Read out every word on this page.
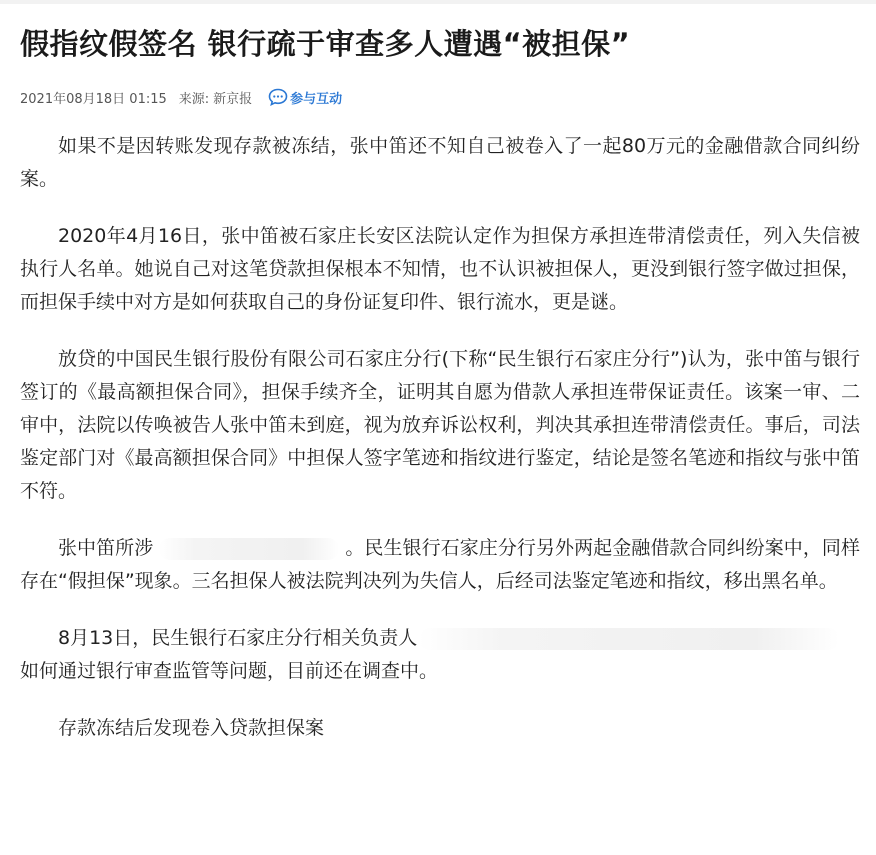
假指纹假签名 银行疏于审查多人遭遇“被担保”
2021年08月18日 01:15 来源: 新京报	参与互动

如果不是因转账发现存款被冻结，张中笛还不知自己被卷入了一起80万元的金融借款合同纠纷案。

2020年4月16日，张中笛被石家庄长安区法院认定作为担保方承担连带清偿责任，列入失信被执行人名单。她说自己对这笔贷款担保根本不知情，也不认识被担保人，更没到银行签字做过担保，而担保手续中对方是如何获取自己的身份证复印件、银行流水，更是谜。

放贷的中国民生银行股份有限公司石家庄分行(下称“民生银行石家庄分行”)认为，张中笛与银行签订的《最高额担保合同》，担保手续齐全，证明其自愿为借款人承担连带保证责任。该案一审、二审中，法院以传唤被告人张中笛未到庭，视为放弃诉讼权利，判决其承担连带清偿责任。事后，司法鉴定部门对《最高额担保合同》中担保人签字笔迹和指纹进行鉴定，结论是签名笔迹和指纹与张中笛不符。

张中笛所涉	。民生银行石家庄分行另外两起金融借款合同纠纷案中，同样存在“假担保”现象。三名担保人被法院判决列为失信人，后经司法鉴定笔迹和指纹，移出黑名单。

8月13日，民生银行石家庄分行相关负责人
如何通过银行审查监管等问题，目前还在调查中。

存款冻结后发现卷入贷款担保案
